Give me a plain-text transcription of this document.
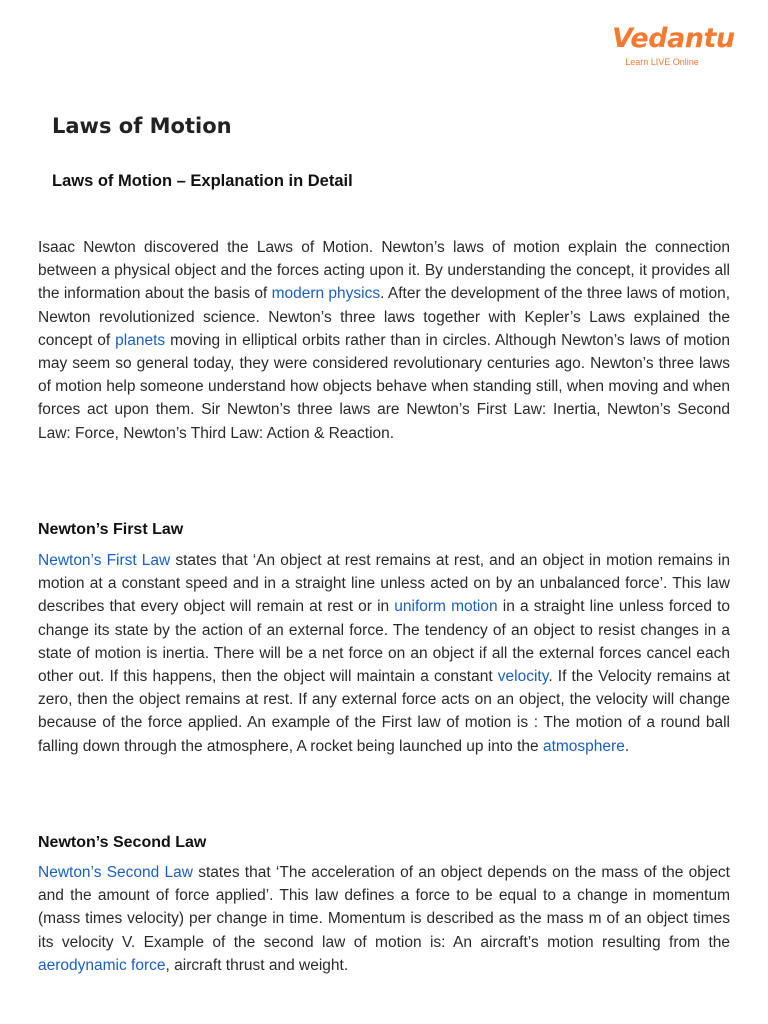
Vedantu
Learn LIVE Online
Laws of Motion
Laws of Motion – Explanation in Detail

Isaac Newton discovered the Laws of Motion. Newton’s laws of motion explain the connection between a physical object and the forces acting upon it. By understanding the concept, it provides all the information about the basis of modern physics. After the development of the three laws of motion, Newton revolutionized science. Newton’s three laws together with Kepler’s Laws explained the concept of planets moving in elliptical orbits rather than in circles. Although Newton’s laws of motion may seem so general today, they were considered revolutionary centuries ago. Newton’s three laws of motion help someone understand how objects behave when standing still, when moving and when forces act upon them. Sir Newton’s three laws are Newton’s First Law: Inertia, Newton’s Second Law: Force, Newton’s Third Law: Action & Reaction.

Newton’s First Law

Newton’s First Law states that ‘An object at rest remains at rest, and an object in motion remains in motion at a constant speed and in a straight line unless acted on by an unbalanced force’. This law describes that every object will remain at rest or in uniform motion in a straight line unless forced to change its state by the action of an external force. The tendency of an object to resist changes in a state of motion is inertia. There will be a net force on an object if all the external forces cancel each other out. If this happens, then the object will maintain a constant velocity. If the Velocity remains at zero, then the object remains at rest. If any external force acts on an object, the velocity will change because of the force applied. An example of the First law of motion is : The motion of a round ball falling down through the atmosphere, A rocket being launched up into the atmosphere.

Newton’s Second Law

Newton’s Second Law states that ‘The acceleration of an object depends on the mass of the object and the amount of force applied’. This law defines a force to be equal to a change in momentum (mass times velocity) per change in time. Momentum is described as the mass m of an object times its velocity V. Example of the second law of motion is: An aircraft’s motion resulting from the aerodynamic force, aircraft thrust and weight.
